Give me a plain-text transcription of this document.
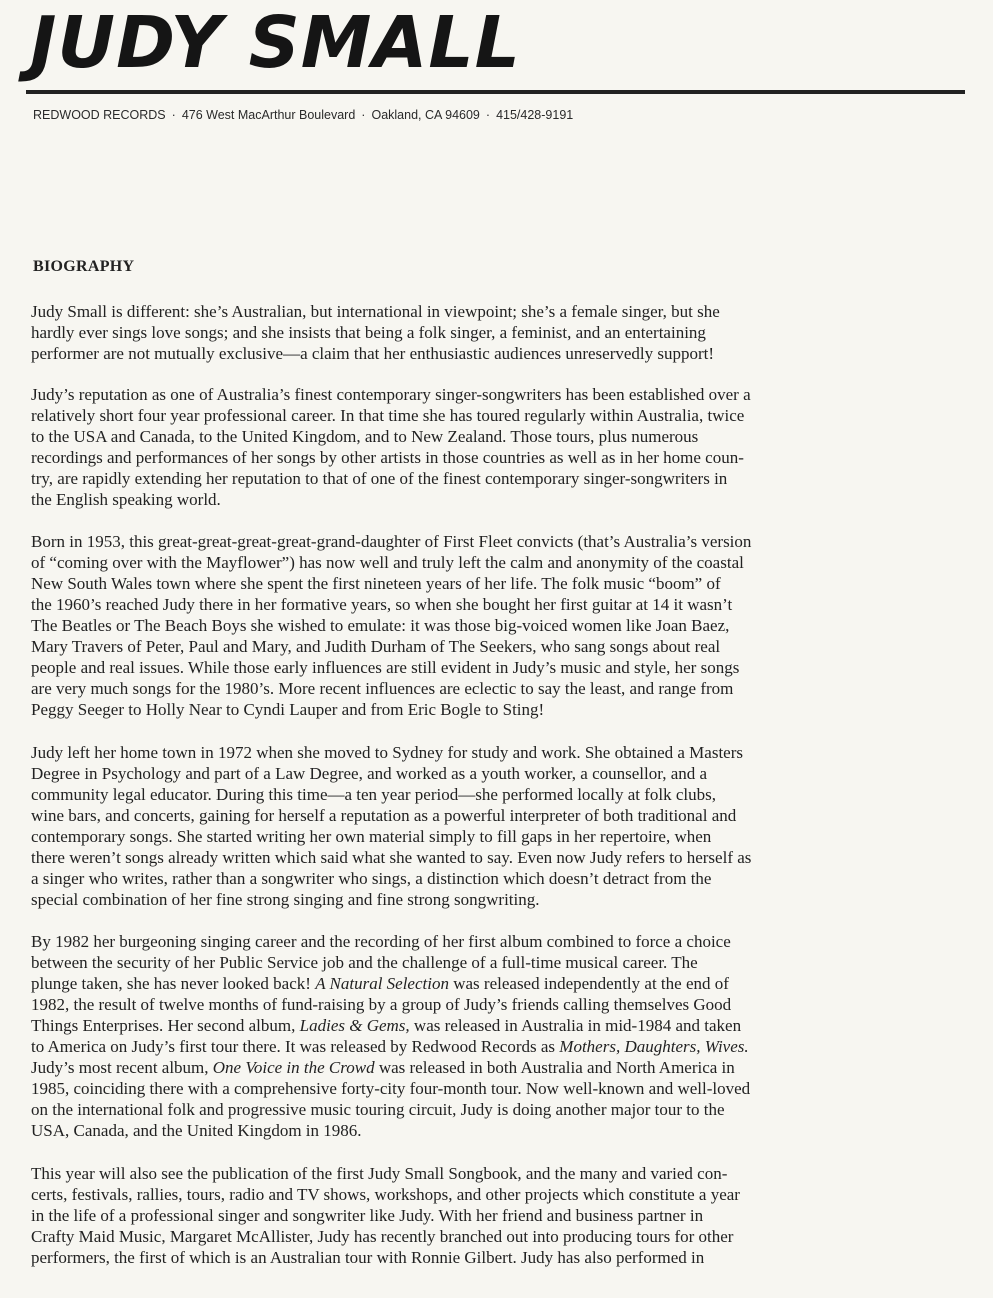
JUDY SMALL
REDWOOD RECORDS · 476 West MacArthur Boulevard · Oakland, CA 94609 · 415/428-9191
BIOGRAPHY

Judy Small is different: she’s Australian, but international in viewpoint; she’s a female singer, but she
hardly ever sings love songs; and she insists that being a folk singer, a feminist, and an entertaining
performer are not mutually exclusive—a claim that her enthusiastic audiences unreservedly support!

Judy’s reputation as one of Australia’s finest contemporary singer-songwriters has been established over a
relatively short four year professional career. In that time she has toured regularly within Australia, twice
to the USA and Canada, to the United Kingdom, and to New Zealand. Those tours, plus numerous
recordings and performances of her songs by other artists in those countries as well as in her home coun-
try, are rapidly extending her reputation to that of one of the finest contemporary singer-songwriters in
the English speaking world.

Born in 1953, this great-great-great-great-grand-daughter of First Fleet convicts (that’s Australia’s version
of “coming over with the Mayflower”) has now well and truly left the calm and anonymity of the coastal
New South Wales town where she spent the first nineteen years of her life. The folk music “boom” of
the 1960’s reached Judy there in her formative years, so when she bought her first guitar at 14 it wasn’t
The Beatles or The Beach Boys she wished to emulate: it was those big-voiced women like Joan Baez,
Mary Travers of Peter, Paul and Mary, and Judith Durham of The Seekers, who sang songs about real
people and real issues. While those early influences are still evident in Judy’s music and style, her songs
are very much songs for the 1980’s. More recent influences are eclectic to say the least, and range from
Peggy Seeger to Holly Near to Cyndi Lauper and from Eric Bogle to Sting!

Judy left her home town in 1972 when she moved to Sydney for study and work. She obtained a Masters
Degree in Psychology and part of a Law Degree, and worked as a youth worker, a counsellor, and a
community legal educator. During this time—a ten year period—she performed locally at folk clubs,
wine bars, and concerts, gaining for herself a reputation as a powerful interpreter of both traditional and
contemporary songs. She started writing her own material simply to fill gaps in her repertoire, when
there weren’t songs already written which said what she wanted to say. Even now Judy refers to herself as
a singer who writes, rather than a songwriter who sings, a distinction which doesn’t detract from the
special combination of her fine strong singing and fine strong songwriting.

By 1982 her burgeoning singing career and the recording of her first album combined to force a choice
between the security of her Public Service job and the challenge of a full-time musical career. The
plunge taken, she has never looked back! A Natural Selection was released independently at the end of
1982, the result of twelve months of fund-raising by a group of Judy’s friends calling themselves Good
Things Enterprises. Her second album, Ladies & Gems, was released in Australia in mid-1984 and taken
to America on Judy’s first tour there. It was released by Redwood Records as Mothers, Daughters, Wives.
Judy’s most recent album, One Voice in the Crowd was released in both Australia and North America in
1985, coinciding there with a comprehensive forty-city four-month tour. Now well-known and well-loved
on the international folk and progressive music touring circuit, Judy is doing another major tour to the
USA, Canada, and the United Kingdom in 1986.

This year will also see the publication of the first Judy Small Songbook, and the many and varied con-
certs, festivals, rallies, tours, radio and TV shows, workshops, and other projects which constitute a year
in the life of a professional singer and songwriter like Judy. With her friend and business partner in
Crafty Maid Music, Margaret McAllister, Judy has recently branched out into producing tours for other
performers, the first of which is an Australian tour with Ronnie Gilbert. Judy has also performed in
